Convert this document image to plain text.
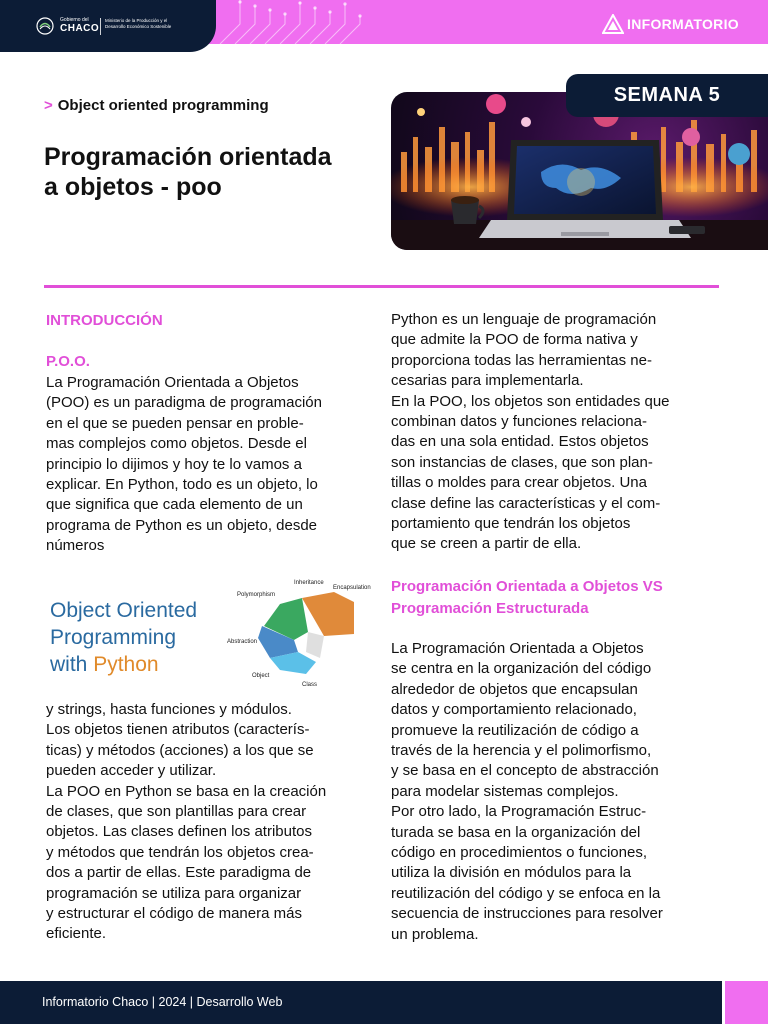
Gobierno del
CHACO
Ministerio de la Producción y el Desarrollo Económico Sostenible	INFORMATORIO
> Object oriented programming
Programación orientada
a objetos - poo
SEMANA 5
INTRODUCCIÓN
P.O.O.
La Programación Orientada a Objetos
(POO) es un paradigma de programación
en el que se pueden pensar en proble-
mas complejos como objetos. Desde el
principio lo dijimos y hoy te lo vamos a
explicar. En Python, todo es un objeto, lo
que significa que cada elemento de un
programa de Python es un objeto, desde
números
Object Oriented
Programming
with Python
Inheritance
Encapsulation
Polymorphism
Abstraction
Object
Class
y strings, hasta funciones y módulos.
Los objetos tienen atributos (caracterís-
ticas) y métodos (acciones) a los que se
pueden acceder y utilizar.
La POO en Python se basa en la creación
de clases, que son plantillas para crear
objetos. Las clases definen los atributos
y métodos que tendrán los objetos crea-
dos a partir de ellas. Este paradigma de
programación se utiliza para organizar
y estructurar el código de manera más
eficiente.
Python es un lenguaje de programación
que admite la POO de forma nativa y
proporciona todas las herramientas ne-
cesarias para implementarla.
En la POO, los objetos son entidades que
combinan datos y funciones relaciona-
das en una sola entidad. Estos objetos
son instancias de clases, que son plan-
tillas o moldes para crear objetos. Una
clase define las características y el com-
portamiento que tendrán los objetos
que se creen a partir de ella.
Programación Orientada a Objetos VS
Programación Estructurada
La Programación Orientada a Objetos
se centra en la organización del código
alrededor de objetos que encapsulan
datos y comportamiento relacionado,
promueve la reutilización de código a
través de la herencia y el polimorfismo,
y se basa en el concepto de abstracción
para modelar sistemas complejos.
Por otro lado, la Programación Estruc-
turada se basa en la organización del
código en procedimientos o funciones,
utiliza la división en módulos para la
reutilización del código y se enfoca en la
secuencia de instrucciones para resolver
un problema.
Informatorio Chaco | 2024 | Desarrollo Web
